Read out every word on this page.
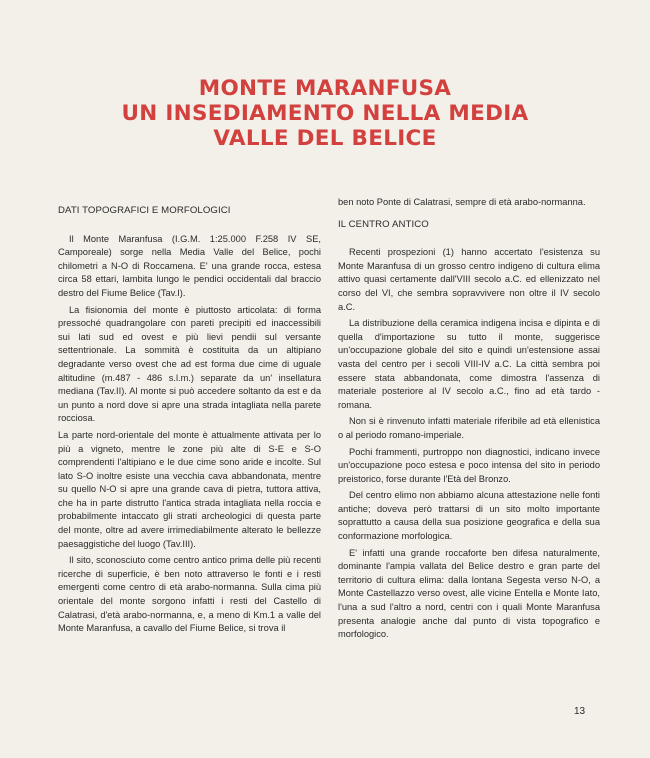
MONTE MARANFUSA
UN INSEDIAMENTO NELLA MEDIA
VALLE DEL BELICE
DATI TOPOGRAFICI E MORFOLOGICI

Il Monte Maranfusa (I.G.M. 1:25.000 F.258 IV SE, Camporeale) sorge nella Media Valle del Belice, pochi chilometri a N-O di Roccamena. E' una grande rocca, estesa circa 58 ettari, lambita lungo le pendici occidentali dal braccio destro del Fiume Belice (Tav.I).

La fisionomia del monte è piuttosto articolata: di forma pressoché quadrangolare con pareti precipiti ed inaccessibili sui lati sud ed ovest e più lievi pendii sul versante settentrionale. La sommità è costituita da un altipiano degradante verso ovest che ad est forma due cime di uguale altitudine (m.487 - 486 s.l.m.) separate da un' insellatura mediana (Tav.II). Al monte si può accedere soltanto da est e da un punto a nord dove si apre una strada intagliata nella parete rocciosa.

La parte nord-orientale del monte è attualmente attivata per lo più a vigneto, mentre le zone più alte di S-E e S-O comprendenti l'altipiano e le due cime sono aride e incolte. Sul lato S-O inoltre esiste una vecchia cava abbandonata, mentre su quello N-O si apre una grande cava di pietra, tuttora attiva, che ha in parte distrutto l'antica strada intagliata nella roccia e probabilmente intaccato gli strati archeologici di questa parte del monte, oltre ad avere irrimediabilmente alterato le bellezze paesaggistiche del luogo (Tav.III).

Il sito, sconosciuto come centro antico prima delle più recenti ricerche di superficie, è ben noto attraverso le fonti e i resti emergenti come centro di età arabo-normanna. Sulla cima più orientale del monte sorgono infatti i resti del Castello di Calatrasi, d'età arabo-normanna, e, a meno di Km.1 a valle del Monte Maranfusa, a cavallo del Fiume Belice, si trova il

ben noto Ponte di Calatrasi, sempre di età arabo-normanna.

IL CENTRO ANTICO

Recenti prospezioni (1) hanno accertato l'esistenza su Monte Maranfusa di un grosso centro indigeno di cultura elima attivo quasi certamente dall'VIII secolo a.C. ed ellenizzato nel corso del VI, che sembra sopravvivere non oltre il IV secolo a.C.

La distribuzione della ceramica indigena incisa e dipinta e di quella d'importazione su tutto il monte, suggerisce un'occupazione globale del sito e quindi un'estensione assai vasta del centro per i secoli VIII-IV a.C. La città sembra poi essere stata abbandonata, come dimostra l'assenza di materiale posteriore al IV secolo a.C., fino ad età tardo - romana.

Non si è rinvenuto infatti materiale riferibile ad età ellenistica o al periodo romano-imperiale.

Pochi frammenti, purtroppo non diagnostici, indicano invece un'occupazione poco estesa e poco intensa del sito in periodo preistorico, forse durante l'Età del Bronzo.

Del centro elimo non abbiamo alcuna attestazione nelle fonti antiche; doveva però trattarsi di un sito molto importante soprattutto a causa della sua posizione geografica e della sua conformazione morfologica.

E' infatti una grande roccaforte ben difesa naturalmente, dominante l'ampia vallata del Belice destro e gran parte del territorio di cultura elima: dalla lontana Segesta verso N-O, a Monte Castellazzo verso ovest, alle vicine Entella e Monte Iato, l'una a sud l'altro a nord, centri con i quali Monte Maranfusa presenta analogie anche dal punto di vista topografico e morfologico.

13
